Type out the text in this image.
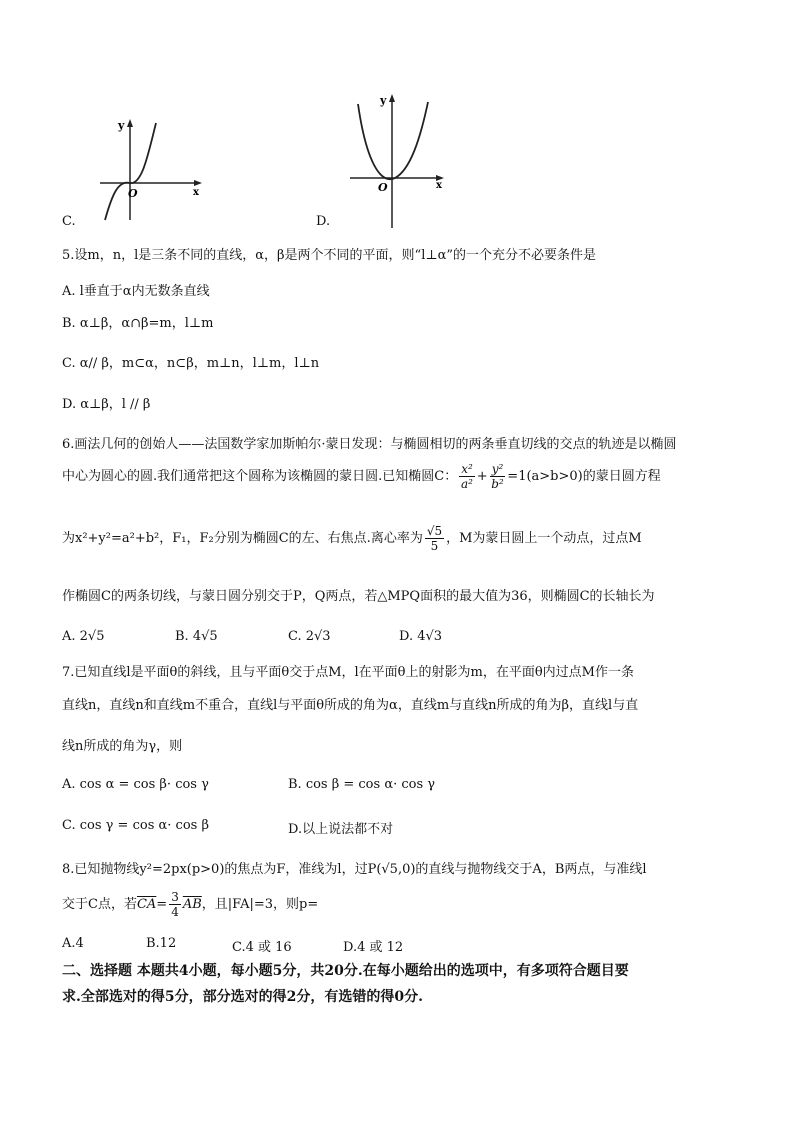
y
x
O
C.
y
x
O
D.
5.设m，n，l是三条不同的直线，α，β是两个不同的平面，则“l⊥α”的一个充分不必要条件是
A. l垂直于α内无数条直线
B. α⊥β，α∩β=m，l⊥m
C. α// β，m⊂α，n⊂β，m⊥n，l⊥m，l⊥n
D. α⊥β，l // β
6.画法几何的创始人——法国数学家加斯帕尔·蒙日发现：与椭圆相切的两条垂直切线的交点的轨迹是以椭圆
中心为圆心的圆.我们通常把这个圆称为该椭圆的蒙日圆.已知椭圆C： $\frac{\text{x²}}{\text{a²}} + \frac{\text{y²}}{\text{b²}} =1(a>b>0)$的蒙日圆方程
为x²+y²=a²+b²，F₁，F₂分别为椭圆C的左、右焦点.离心率为 $\frac{√5}{5}$ ，M为蒙日圆上一个动点，过点M
作椭圆C的两条切线，与蒙日圆分别交于P，Q两点，若△MPQ面积的最大值为36，则椭圆C的长轴长为
A. 2√5	B. 4√5	C. 2√3	D. 4√3
7.已知直线l是平面θ的斜线，且与平面θ交于点M，l在平面θ上的射影为m，在平面θ内过点M作一条
直线n，直线n和直线m不重合，直线l与平面θ所成的角为α，直线m与直线n所成的角为β，直线l与直
线n所成的角为γ，则
A. cos α = cos β· cos γ	B. cos β = cos α· cos γ
C. cos γ = cos α· cos β	D.以上说法都不对
8.已知抛物线y²=2px(p>0)的焦点为F，准线为l，过P(√5,0)的直线与抛物线交于A，B两点，与准线l
交于C点，若$\overline{CA}= \frac{3}{4} \overline{AB}$，且|FA|=3，则p=
A.4	B.12	C.4 或 16	D.4 或 12
二、选择题 本题共4小题，每小题5分，共20分.在每小题给出的选项中，有多项符合题目要
求.全部选对的得5分，部分选对的得2分，有选错的得0分.
